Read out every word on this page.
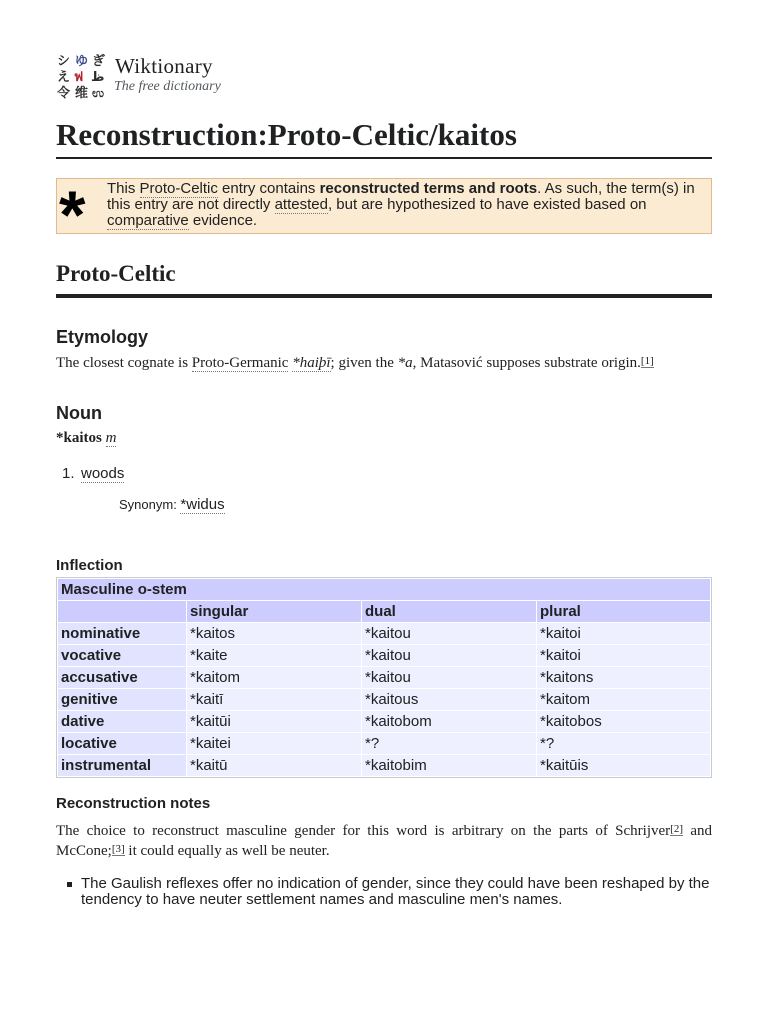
シ ゆ ぎ
え ฟ ظ
令 维 ಉ
Wiktionary
The free dictionary
Reconstruction:Proto-Celtic/kaitos
* This Proto-Celtic entry contains reconstructed terms and roots. As such, the term(s) in this entry are not directly attested, but are hypothesized to have existed based on comparative evidence.
Proto-Celtic
Etymology
The closest cognate is Proto-Germanic *haiþī; given the *a, Matasović supposes substrate origin.[1]
Noun
*kaitos m
1. woods
Synonym: *widus
Inflection
Masculine o-stem			
	singular	dual	plural
nominative	*kaitos	*kaitou	*kaitoi
vocative	*kaite	*kaitou	*kaitoi
accusative	*kaitom	*kaitou	*kaitons
genitive	*kaitī	*kaitous	*kaitom
dative	*kaitūi	*kaitobom	*kaitobos
locative	*kaitei	*?	*?
instrumental	*kaitū	*kaitobim	*kaitūis
Reconstruction notes
The choice to reconstruct masculine gender for this word is arbitrary on the parts of Schrijver[2] and McCone;[3] it could equally as well be neuter.
The Gaulish reflexes offer no indication of gender, since they could have been reshaped by the tendency to have neuter settlement names and masculine men's names.
